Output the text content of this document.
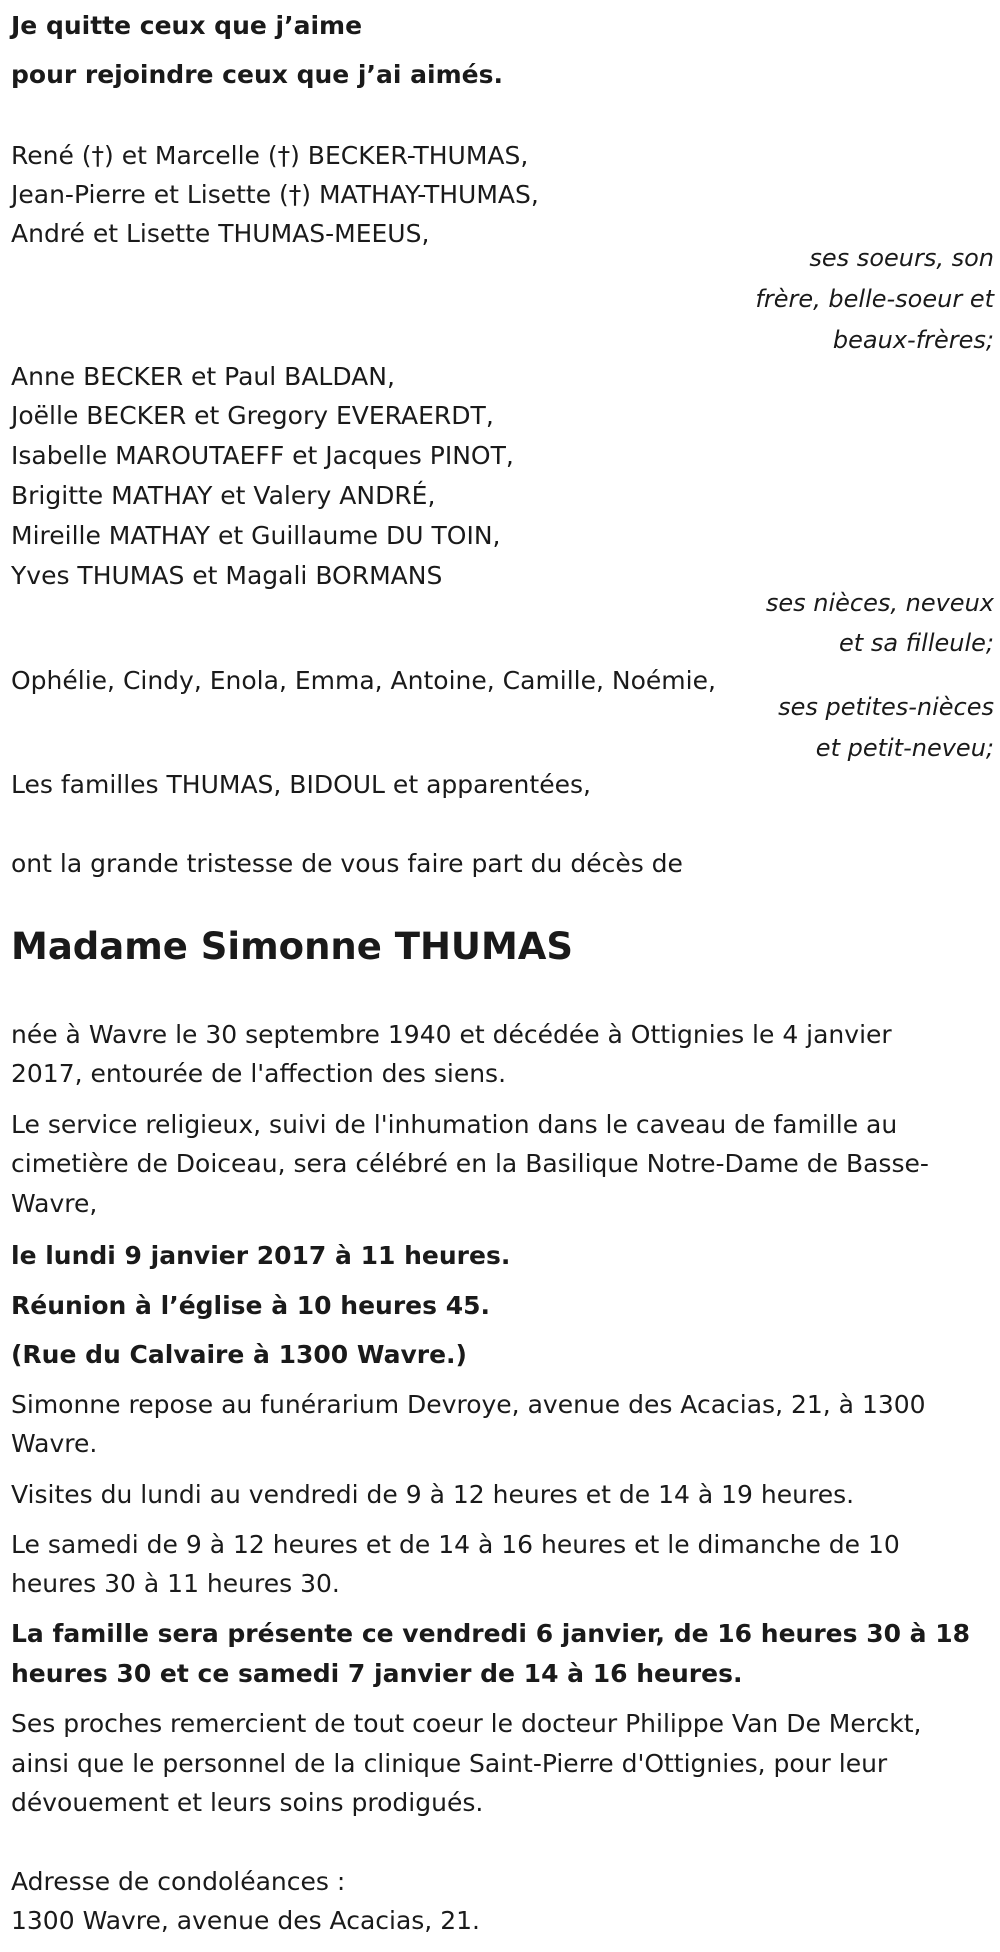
Je quitte ceux que j’aime
pour rejoindre ceux que j’ai aimés.
René (†) et Marcelle (†) BECKER-THUMAS,
Jean-Pierre et Lisette (†) MATHAY-THUMAS,
André et Lisette THUMAS-MEEUS,
ses soeurs, son
frère, belle-soeur et
beaux-frères;
Anne BECKER et Paul BALDAN,
Joëlle BECKER et Gregory EVERAERDT,
Isabelle MAROUTAEFF et Jacques PINOT,
Brigitte MATHAY et Valery ANDRÉ,
Mireille MATHAY et Guillaume DU TOIN,
Yves THUMAS et Magali BORMANS
ses nièces, neveux
et sa filleule;
Ophélie, Cindy, Enola, Emma, Antoine, Camille, Noémie,
ses petites-nièces
et petit-neveu;
Les familles THUMAS, BIDOUL et apparentées,
ont la grande tristesse de vous faire part du décès de
Madame Simonne THUMAS
née à Wavre le 30 septembre 1940 et décédée à Ottignies le 4 janvier
2017, entourée de l'affection des siens.
Le service religieux, suivi de l'inhumation dans le caveau de famille au
cimetière de Doiceau, sera célébré en la Basilique Notre-Dame de Basse-
Wavre,
le lundi 9 janvier 2017 à 11 heures.
Réunion à l’église à 10 heures 45.
(Rue du Calvaire à 1300 Wavre.)
Simonne repose au funérarium Devroye, avenue des Acacias, 21, à 1300
Wavre.
Visites du lundi au vendredi de 9 à 12 heures et de 14 à 19 heures.
Le samedi de 9 à 12 heures et de 14 à 16 heures et le dimanche de 10
heures 30 à 11 heures 30.
La famille sera présente ce vendredi 6 janvier, de 16 heures 30 à 18
heures 30 et ce samedi 7 janvier de 14 à 16 heures.
Ses proches remercient de tout coeur le docteur Philippe Van De Merckt,
ainsi que le personnel de la clinique Saint-Pierre d'Ottignies, pour leur
dévouement et leurs soins prodigués.
Adresse de condoléances :
1300 Wavre, avenue des Acacias, 21.
